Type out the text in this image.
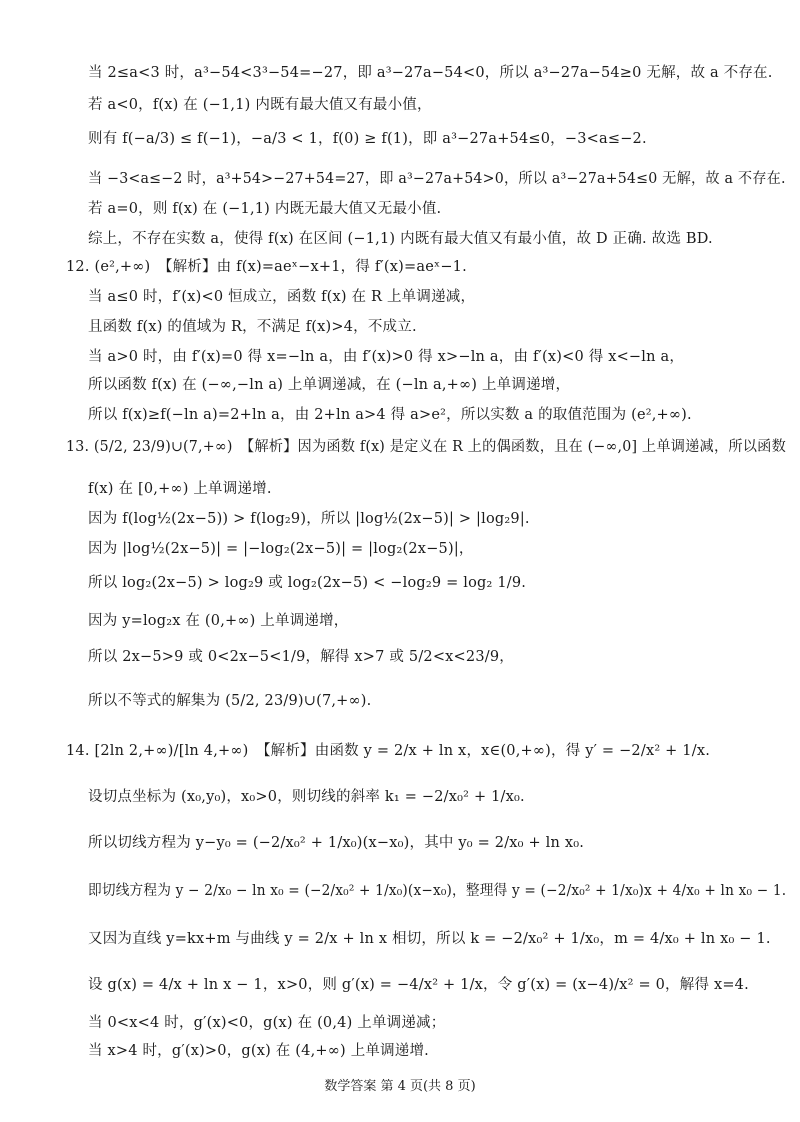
当 2≤a<3 时，a³−54<3³−54=−27，即 a³−27a−54<0，所以 a³−27a−54≥0 无解，故 a 不存在.
若 a<0，f(x) 在 (−1,1) 内既有最大值又有最小值，
则有 f(−a/3) ≤ f(−1)，−a/3 < 1，f(0) ≥ f(1)，即 a³−27a+54≤0，−3<a≤−2.
当 −3<a≤−2 时，a³+54>−27+54=27，即 a³−27a+54>0，所以 a³−27a+54≤0 无解，故 a 不存在.
若 a=0，则 f(x) 在 (−1,1) 内既无最大值又无最小值.
综上，不存在实数 a，使得 f(x) 在区间 (−1,1) 内既有最大值又有最小值，故 D 正确. 故选 BD.
12. (e²,+∞)　【解析】由 f(x)=aeˣ−x+1，得 f′(x)=aeˣ−1.
当 a≤0 时，f′(x)<0 恒成立，函数 f(x) 在 R 上单调递减，
且函数 f(x) 的值域为 R，不满足 f(x)>4，不成立.
当 a>0 时，由 f′(x)=0 得 x=−ln a，由 f′(x)>0 得 x>−ln a，由 f′(x)<0 得 x<−ln a，
所以函数 f(x) 在 (−∞,−ln a) 上单调递减，在 (−ln a,+∞) 上单调递增，
所以 f(x)≥f(−ln a)=2+ln a，由 2+ln a>4 得 a>e²，所以实数 a 的取值范围为 (e²,+∞).
13. (5/2, 23/9)∪(7,+∞)　【解析】因为函数 f(x) 是定义在 R 上的偶函数，且在 (−∞,0] 上单调递减，所以函数
f(x) 在 [0,+∞) 上单调递增.
因为 f(log½(2x−5)) > f(log₂9)，所以 |log½(2x−5)| > |log₂9|.
因为 |log½(2x−5)| = |−log₂(2x−5)| = |log₂(2x−5)|，
所以 log₂(2x−5) > log₂9 或 log₂(2x−5) < −log₂9 = log₂ 1/9.
因为 y=log₂x 在 (0,+∞) 上单调递增，
所以 2x−5>9 或 0<2x−5<1/9，解得 x>7 或 5/2<x<23/9，
所以不等式的解集为 (5/2, 23/9)∪(7,+∞).
14. [2ln 2,+∞)/[ln 4,+∞)　【解析】由函数 y = 2/x + ln x，x∈(0,+∞)，得 y′ = −2/x² + 1/x.
设切点坐标为 (x₀,y₀)，x₀>0，则切线的斜率 k₁ = −2/x₀² + 1/x₀.
所以切线方程为 y−y₀ = (−2/x₀² + 1/x₀)(x−x₀)，其中 y₀ = 2/x₀ + ln x₀.
即切线方程为 y − 2/x₀ − ln x₀ = (−2/x₀² + 1/x₀)(x−x₀)，整理得 y = (−2/x₀² + 1/x₀)x + 4/x₀ + ln x₀ − 1.
又因为直线 y=kx+m 与曲线 y = 2/x + ln x 相切，所以 k = −2/x₀² + 1/x₀，m = 4/x₀ + ln x₀ − 1.
设 g(x) = 4/x + ln x − 1，x>0，则 g′(x) = −4/x² + 1/x，令 g′(x) = (x−4)/x² = 0，解得 x=4.
当 0<x<4 时，g′(x)<0，g(x) 在 (0,4) 上单调递减；
当 x>4 时，g′(x)>0，g(x) 在 (4,+∞) 上单调递增.
数学答案 第 4 页(共 8 页)
